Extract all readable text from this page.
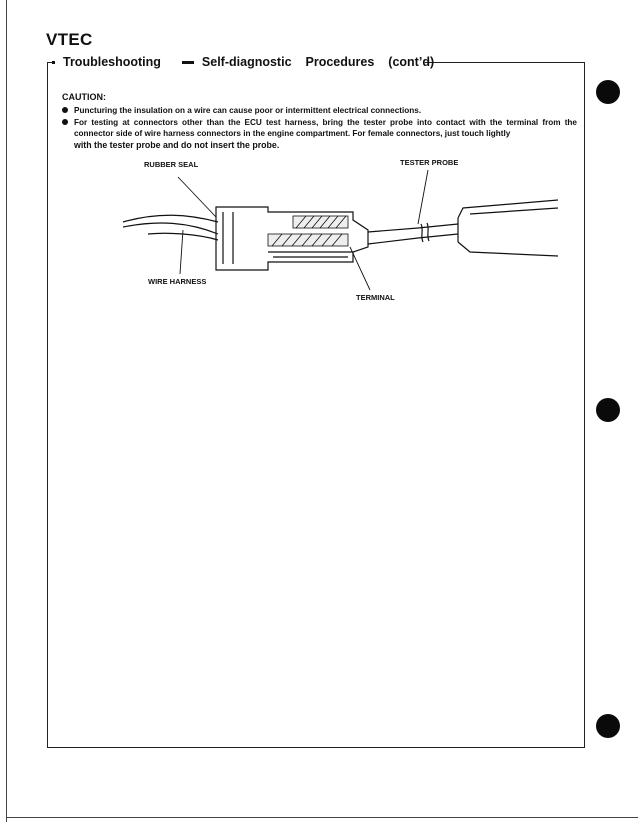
VTEC
Troubleshooting	Self-diagnostic Procedures (cont’d)
CAUTION:
Puncturing the insulation on a wire can cause poor or intermittent electrical connections.
For testing at connectors other than the ECU test harness, bring the tester probe into contact with the terminal from the connector side of wire harness connectors in the engine compartment. For female connectors, just touch lightly
with the tester probe and do not insert the probe.
RUBBER SEAL	TESTER PROBE
WIRE HARNESS
TERMINAL
